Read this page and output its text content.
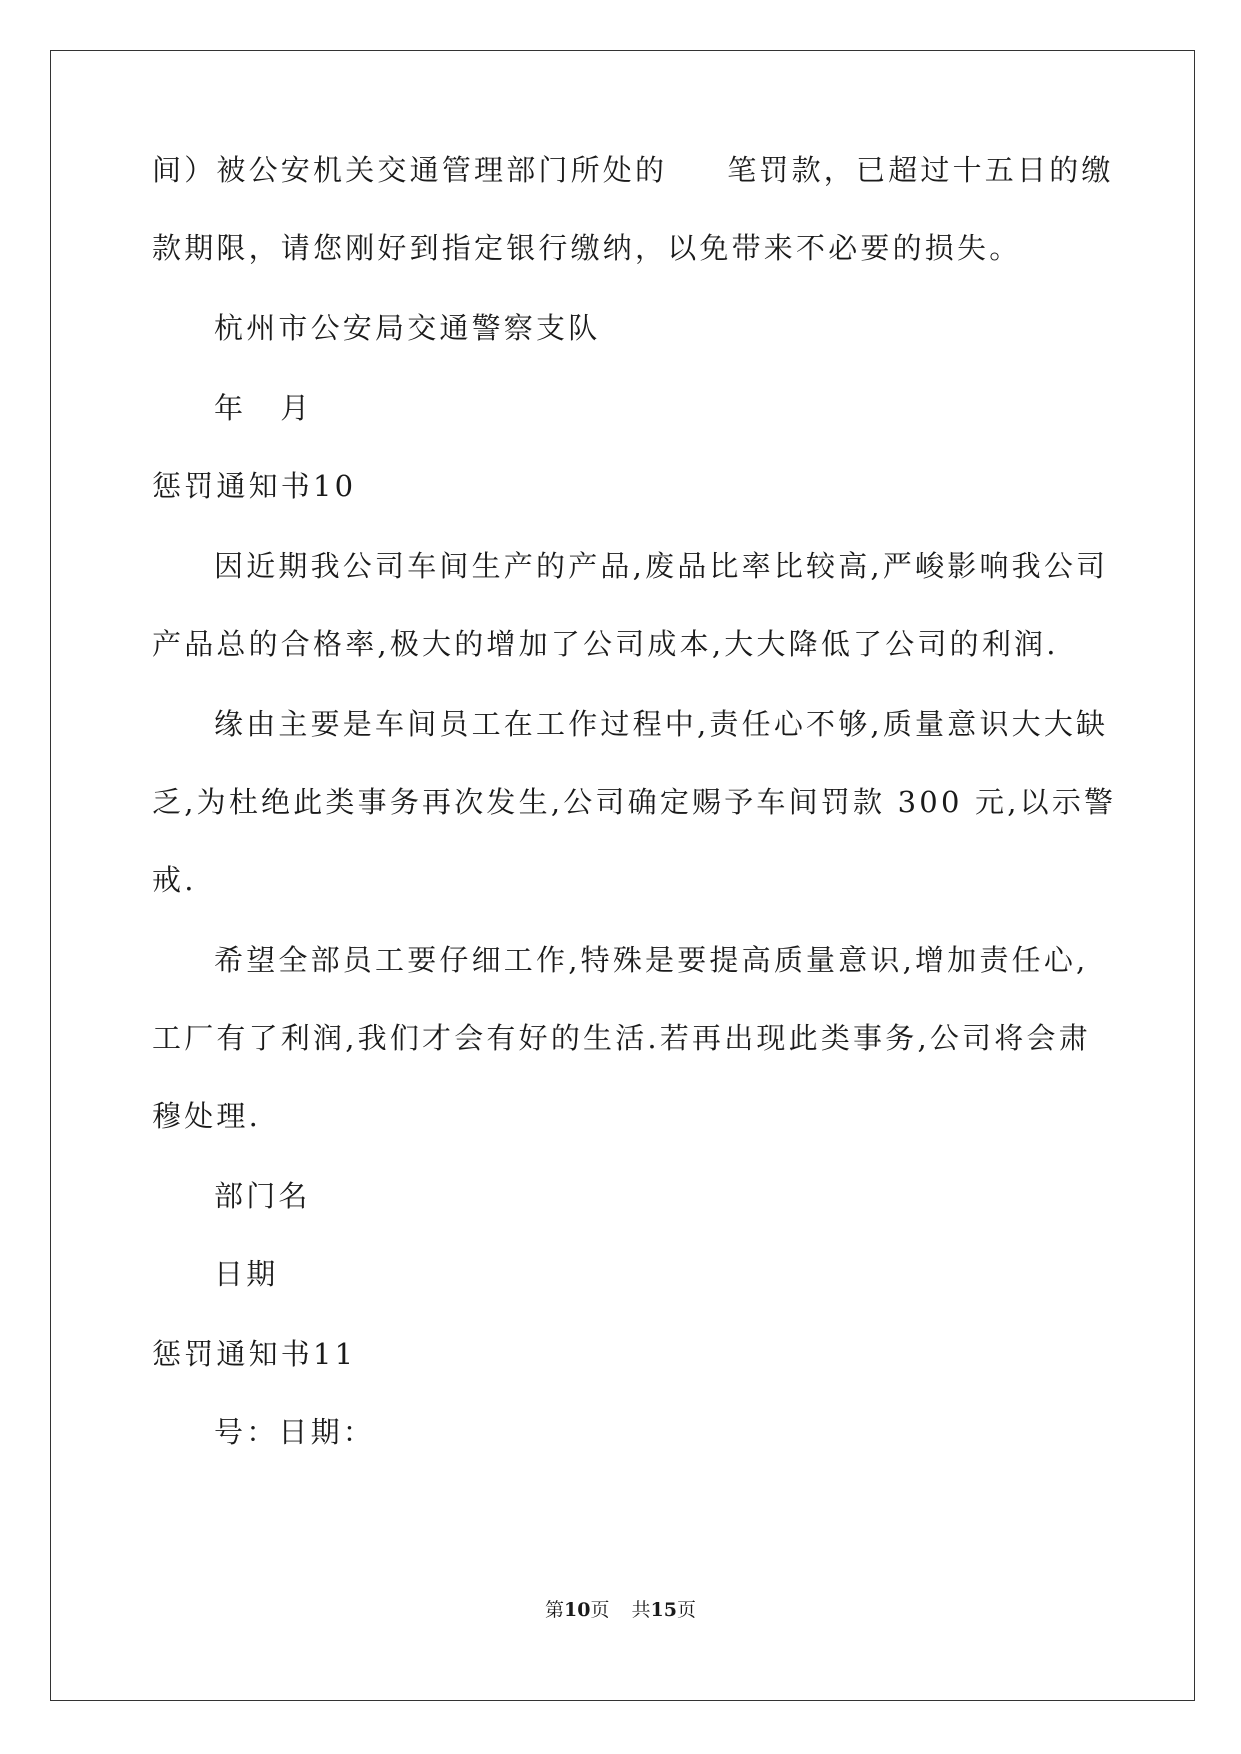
间）被公安机关交通管理部门所处的 笔罚款，已超过十五日的缴
款期限，请您刚好到指定银行缴纳，以免带来不必要的损失。
杭州市公安局交通警察支队
年 月
惩罚通知书10
因近期我公司车间生产的产品,废品比率比较高,严峻影响我公司
产品总的合格率,极大的增加了公司成本,大大降低了公司的利润.
缘由主要是车间员工在工作过程中,责任心不够,质量意识大大缺
乏,为杜绝此类事务再次发生,公司确定赐予车间罚款 300 元,以示警
戒.
希望全部员工要仔细工作,特殊是要提高质量意识,增加责任心,
工厂有了利润,我们才会有好的生活.若再出现此类事务,公司将会肃
穆处理.
部门名
日期
惩罚通知书11
号：日期：
第10页 共15页
